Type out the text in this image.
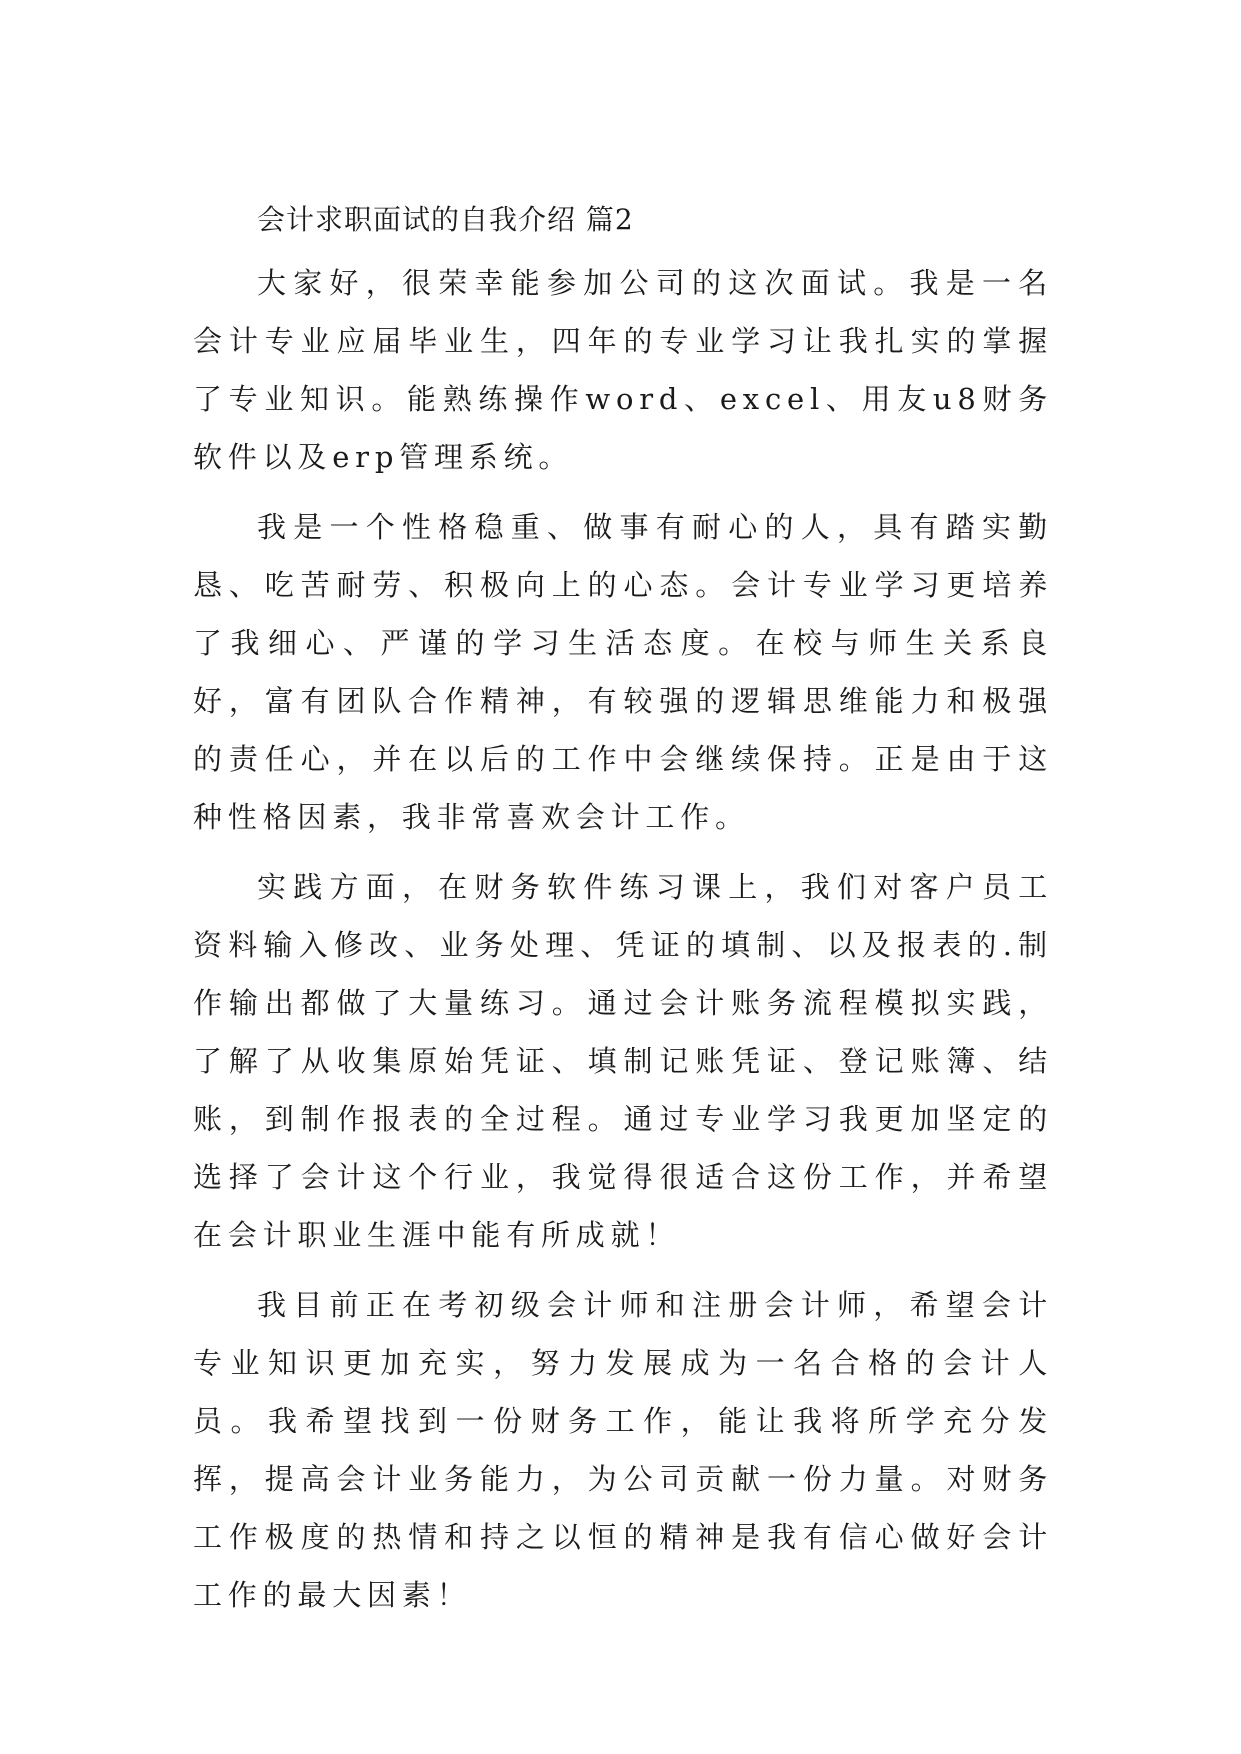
会计求职面试的自我介绍 篇2

大家好，很荣幸能参加公司的这次面试。我是一名会计专业应届毕业生，四年的专业学习让我扎实的掌握了专业知识。能熟练操作word、excel、用友u8财务软件以及erp管理系统。

我是一个性格稳重、做事有耐心的人，具有踏实勤恳、吃苦耐劳、积极向上的心态。会计专业学习更培养了我细心、严谨的学习生活态度。在校与师生关系良好，富有团队合作精神，有较强的逻辑思维能力和极强的责任心，并在以后的工作中会继续保持。正是由于这种性格因素，我非常喜欢会计工作。

实践方面，在财务软件练习课上，我们对客户员工资料输入修改、业务处理、凭证的填制、以及报表的.制作输出都做了大量练习。通过会计账务流程模拟实践，了解了从收集原始凭证、填制记账凭证、登记账簿、结账，到制作报表的全过程。通过专业学习我更加坚定的选择了会计这个行业，我觉得很适合这份工作，并希望在会计职业生涯中能有所成就！

我目前正在考初级会计师和注册会计师，希望会计专业知识更加充实，努力发展成为一名合格的会计人员。我希望找到一份财务工作，能让我将所学充分发挥，提高会计业务能力，为公司贡献一份力量。对财务工作极度的热情和持之以恒的精神是我有信心做好会计工作的最大因素！
